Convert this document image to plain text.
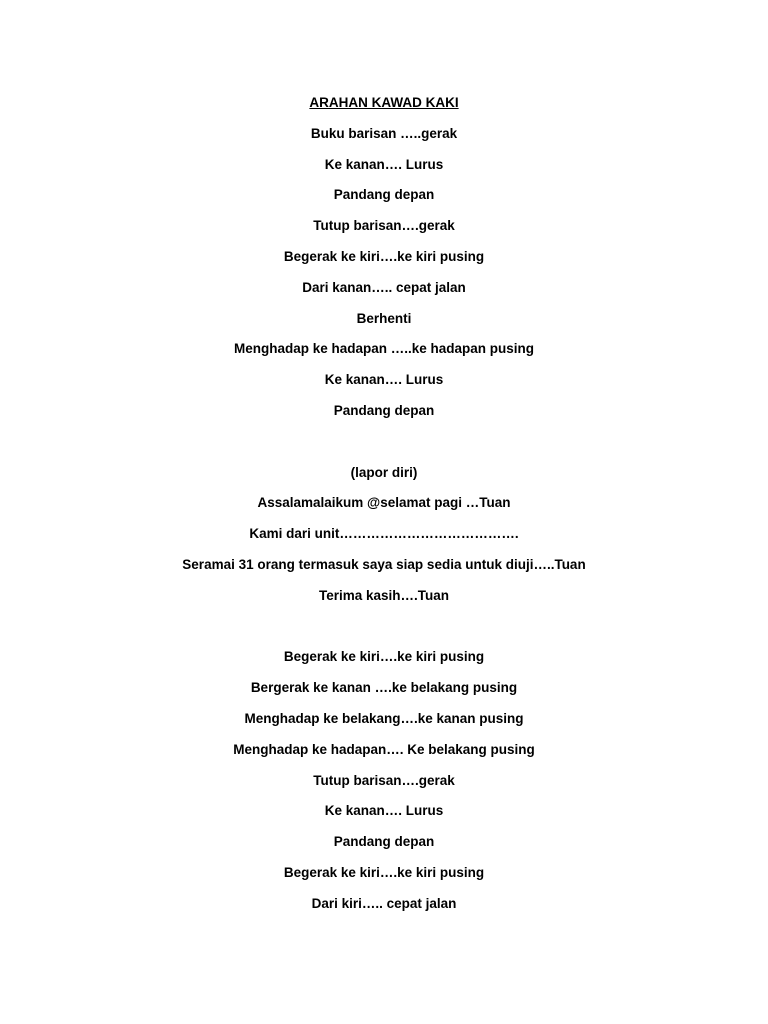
ARAHAN KAWAD KAKI
Buku barisan …..gerak
Ke kanan…. Lurus
Pandang depan
Tutup barisan….gerak
Begerak ke kiri….ke kiri pusing
Dari kanan….. cepat jalan
Berhenti
Menghadap ke hadapan …..ke hadapan pusing
Ke kanan…. Lurus
Pandang depan
(lapor diri)
Assalamalaikum @selamat pagi …Tuan
Kami dari unit………………………………….
Seramai 31 orang termasuk saya siap sedia untuk diuji…..Tuan
Terima kasih….Tuan
Begerak ke kiri….ke kiri pusing
Bergerak ke kanan ….ke belakang pusing
Menghadap ke belakang….ke kanan pusing
Menghadap ke hadapan…. Ke belakang pusing
Tutup barisan….gerak
Ke kanan…. Lurus
Pandang depan
Begerak ke kiri….ke kiri pusing
Dari kiri….. cepat jalan
